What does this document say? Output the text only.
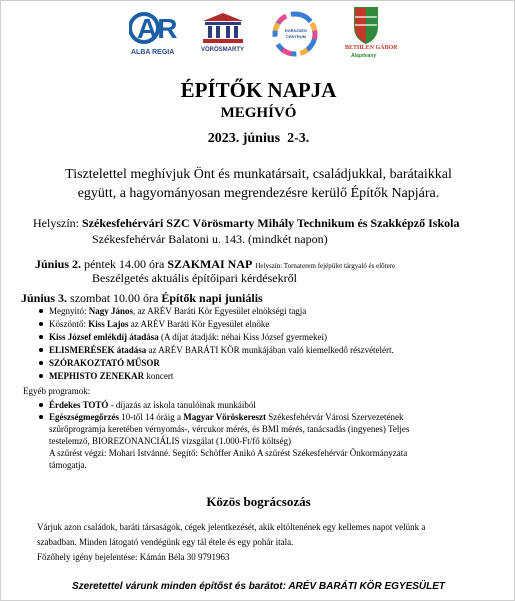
AR
ALBA REGIA	VÖRÖSMARTY
EGÉSZSÉG CENTRUM
BETHLEN GÁBOR
Alapítvány
ÉPÍTŐK NAPJA
MEGHÍVÓ
2023. június  2-3.
Tisztelettel meghívjuk Önt és munkatársait, családjukkal, barátaikkal
együtt, a hagyományosan megrendezésre kerülő Építők Napjára.
Helyszín: Székesfehérvári SZC Vörösmarty Mihály Technikum és Szakképző Iskola
Székesfehérvár Balatoni u. 143. (mindkét napon)
Június 2. péntek 14.00 óra SZAKMAI NAP Helyszín: Tornaterem fejépület tárgyaló és előtere
Beszélgetés aktuális építőipari kérdésekről
Június 3. szombat 10.00 óra Építők napi juniális
Megnyitó: Nagy János, az ARÉV Baráti Kör Egyesület elnökségi tagja
Köszöntő: Kiss Lajos az ARÉV Baráti Kör Egyesület elnöke
Kiss József emlékdíj átadása (A díjat átadják: néhai Kiss József gyermekei)
ELISMERÉSEK átadása az ARÉV BARÁTI KÖR munkájában való kiemelkedő részvételért.
SZÓRAKOZTATÓ MŰSOR
MEPHISTO ZENEKAR koncert
Egyéb programok:
Érdekes TOTÓ - díjazás az iskola tanulóinak munkáiból
Egészségmegőrzés 10-től 14 óráig a Magyar Vöröskereszt Székesfehérvár Városi Szervezetének
szűrőprogramja keretében vérnyomás-, vércukor mérés, és BMI mérés, tanácsadás (ingyenes) Teljes
testelemző, BIOREZONANCIÁLIS vizsgálat (1.000-Ft/fő költség)
A szűrést végzi: Mohari Istvánné. Segítő: Schöffer Anikó A szűrést Székesfehérvár Önkormányzata
támogatja.
Közös bográcsozás
Várjuk azon családok, baráti társaságok, cégek jelentkezését, akik eltöltenének egy kellemes napot velünk a
szabadban. Minden látogató vendégünk egy tál étele és egy pohár itala.
Főzőhely igény bejelentése: Kámán Béla 30 9791963
Szeretettel várunk minden építőst és barátot: ARÉV BARÁTI KÖR EGYESÜLET
